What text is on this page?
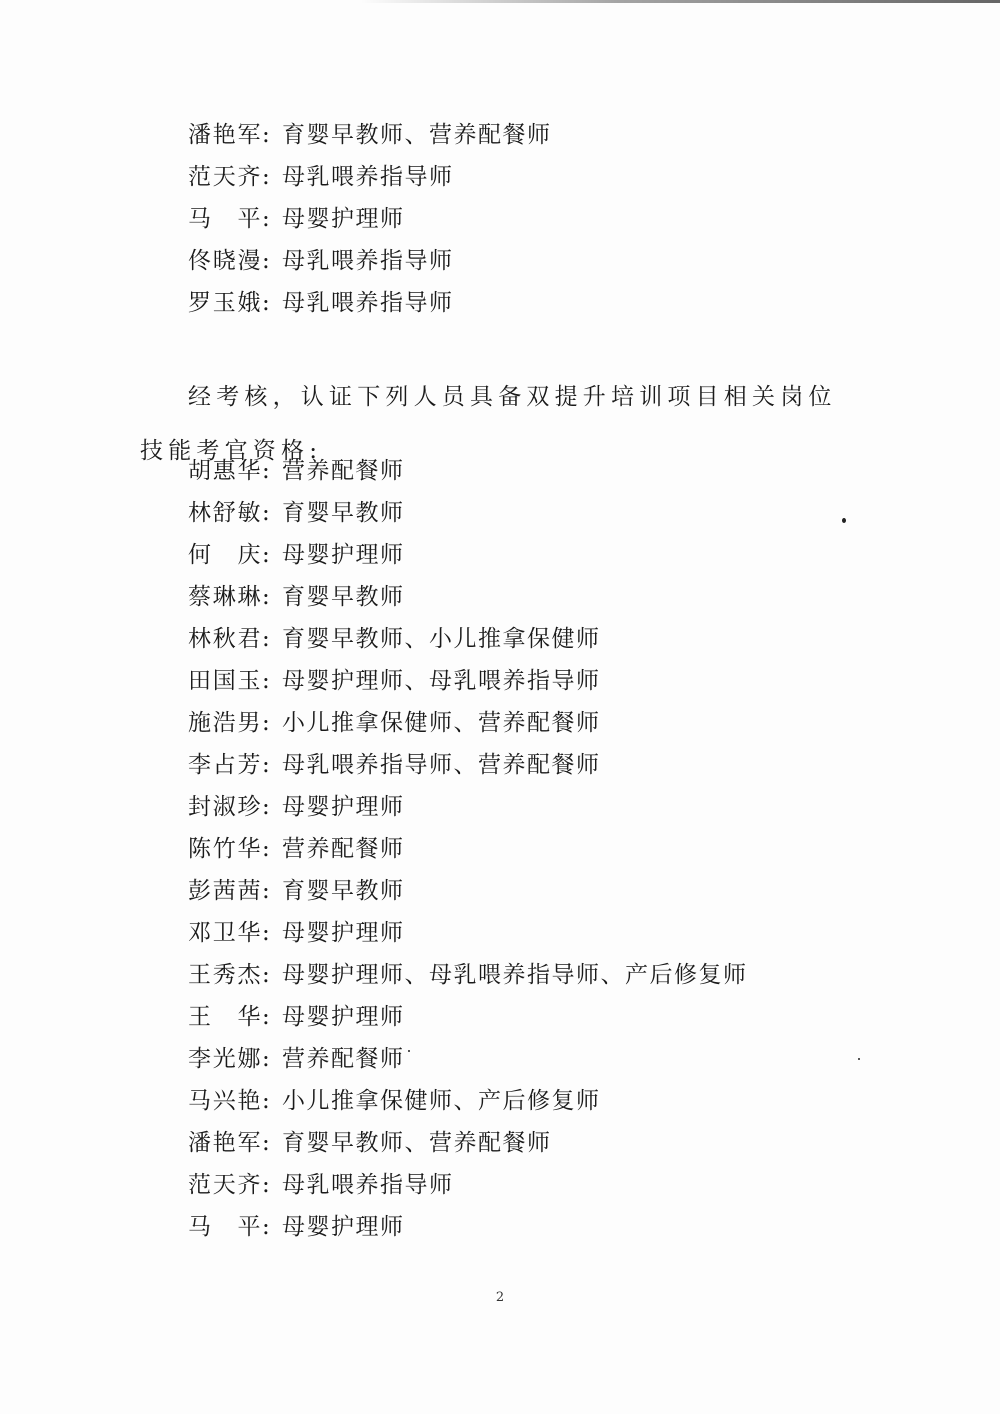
潘艳军: 育婴早教师、营养配餐师
范天齐: 母乳喂养指导师
马 平: 母婴护理师
佟晓漫: 母乳喂养指导师
罗玉娥: 母乳喂养指导师
经考核，认证下列人员具备双提升培训项目相关岗位技能考官资格:
胡惠华: 营养配餐师
林舒敏: 育婴早教师
何 庆: 母婴护理师
蔡琳琳: 育婴早教师
林秋君: 育婴早教师、小儿推拿保健师
田国玉: 母婴护理师、母乳喂养指导师
施浩男: 小儿推拿保健师、营养配餐师
李占芳: 母乳喂养指导师、营养配餐师
封淑珍: 母婴护理师
陈竹华: 营养配餐师
彭茜茜: 育婴早教师
邓卫华: 母婴护理师
王秀杰: 母婴护理师、母乳喂养指导师、产后修复师
王 华: 母婴护理师
李光娜: 营养配餐师
马兴艳: 小儿推拿保健师、产后修复师
潘艳军: 育婴早教师、营养配餐师
范天齐: 母乳喂养指导师
马 平: 母婴护理师
2
